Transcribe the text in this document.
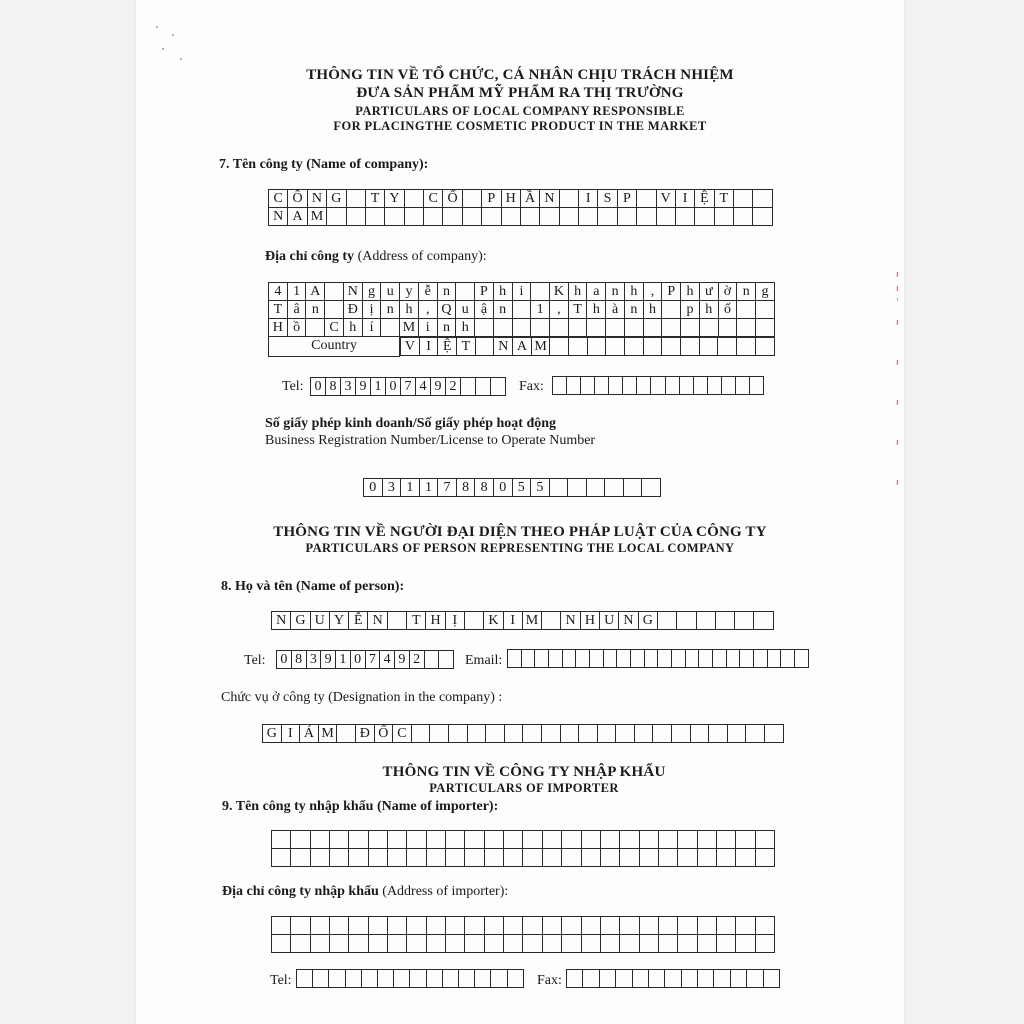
THÔNG TIN VỀ TỔ CHỨC, CÁ NHÂN CHỊU TRÁCH NHIỆM
ĐƯA SẢN PHẨM MỸ PHẨM RA THỊ TRƯỜNG
PARTICULARS OF LOCAL COMPANY RESPONSIBLE
FOR PLACINGTHE COSMETIC PRODUCT IN THE MARKET
7. Tên công ty (Name of company):
C	Ô	N	G		T	Y		C	Ổ		P	H	Ầ	N		I	S	P		V	I	Ệ	T		
N	A	M																							
Địa chỉ công ty (Address of company):
4	1	A		N	g	u	y	ễ	n		P	h	i		K	h	a	n	h	,	P	h	ư	ờ	n	g
T	â	n		Đ	ị	n	h	,	Q	u	ậ	n		1	,	T	h	à	n	h		p	h	ố		
H	ồ		C	h	í		M	i	n	h																
Country		V	I	Ệ	T		N	A	M												
Tel: 0	8	3	9	1	0	7	4	9	2				Fax:

Số giấy phép kinh doanh/Số giấy phép hoạt động
Business Registration Number/License to Operate Number
0	3	1	1	7	8	8	0	5	5						
THÔNG TIN VỀ NGƯỜI ĐẠI DIỆN THEO PHÁP LUẬT CỦA CÔNG TY
PARTICULARS OF PERSON REPRESENTING THE LOCAL COMPANY
8. Họ và tên (Name of person):
N	G	U	Y	Ễ	N		T	H	Ị		K	I	M		N	H	U	N	G						
Tel: 0	8	3	9	1	0	7	4	9	2			Email:

Chức vụ ở công ty (Designation in the company) :
G	I	Á	M		Đ	Ố	C																				
THÔNG TIN VỀ CÔNG TY NHẬP KHẨU
PARTICULARS OF IMPORTER
9. Tên công ty nhập khẩu (Name of importer):

Địa chỉ công ty nhập khẩu (Address of importer):

Tel:
														Fax:

ı
ı
ˈ
ı
ı
ı
ı
ı
